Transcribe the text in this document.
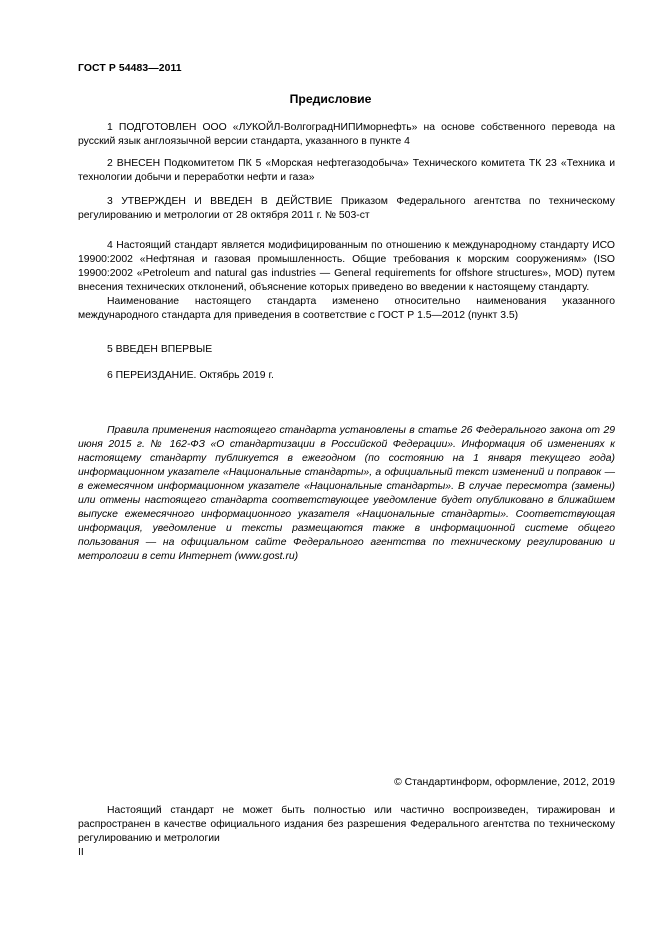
ГОСТ Р 54483—2011
Предисловие

1 ПОДГОТОВЛЕН ООО «ЛУКОЙЛ-ВолгоградНИПИморнефть» на основе собственного перевода на русский язык англоязычной версии стандарта, указанного в пункте 4

2 ВНЕСЕН Подкомитетом ПК 5 «Морская нефтегазодобыча» Технического комитета ТК 23 «Техника и технологии добычи и переработки нефти и газа»

3 УТВЕРЖДЕН И ВВЕДЕН В ДЕЙСТВИЕ Приказом Федерального агентства по техническому регулированию и метрологии от 28 октября 2011 г. № 503-ст

4 Настоящий стандарт является модифицированным по отношению к международному стандарту ИСО 19900:2002 «Нефтяная и газовая промышленность. Общие требования к морским сооружениям» (ISO 19900:2002 «Petroleum and natural gas industries — General requirements for offshore structures», MOD) путем внесения технических отклонений, объяснение которых приведено во введении к настоящему стандарту.

Наименование настоящего стандарта изменено относительно наименования указанного международного стандарта для приведения в соответствие с ГОСТ Р 1.5—2012 (пункт 3.5)

5 ВВЕДЕН ВПЕРВЫЕ

6 ПЕРЕИЗДАНИЕ. Октябрь 2019 г.

Правила применения настоящего стандарта установлены в статье 26 Федерального закона от 29 июня 2015 г. № 162-ФЗ «О стандартизации в Российской Федерации». Информация об изменениях к настоящему стандарту публикуется в ежегодном (по состоянию на 1 января текущего года) информационном указателе «Национальные стандарты», а официальный текст изменений и поправок — в ежемесячном информационном указателе «Национальные стандарты». В случае пересмотра (замены) или отмены настоящего стандарта соответствующее уведомление будет опубликовано в ближайшем выпуске ежемесячного информационного указателя «Национальные стандарты». Соответствующая информация, уведомление и тексты размещаются также в информационной системе общего пользования — на официальном сайте Федерального агентства по техническому регулированию и метрологии в сети Интернет (www.gost.ru)

© Стандартинформ, оформление, 2012, 2019

Настоящий стандарт не может быть полностью или частично воспроизведен, тиражирован и распространен в качестве официального издания без разрешения Федерального агентства по техническому регулированию и метрологии

II
